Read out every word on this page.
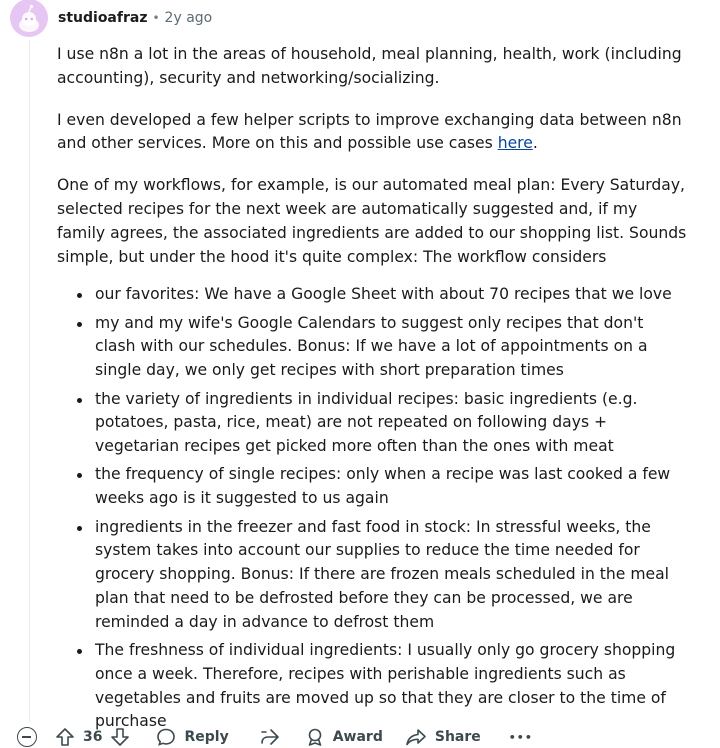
studioafraz • 2y ago

I use n8n a lot in the areas of household, meal planning, health, work (including accounting), security and networking/socializing.

I even developed a few helper scripts to improve exchanging data between n8n and other services. More on this and possible use cases here.

One of my workflows, for example, is our automated meal plan: Every Saturday, selected recipes for the next week are automatically suggested and, if my family agrees, the associated ingredients are added to our shopping list. Sounds simple, but under the hood it's quite complex: The workflow considers

our favorites: We have a Google Sheet with about 70 recipes that we love
my and my wife's Google Calendars to suggest only recipes that don't clash with our schedules. Bonus: If we have a lot of appointments on a single day, we only get recipes with short preparation times
the variety of ingredients in individual recipes: basic ingredients (e.g. potatoes, pasta, rice, meat) are not repeated on following days + vegetarian recipes get picked more often than the ones with meat
the frequency of single recipes: only when a recipe was last cooked a few weeks ago is it suggested to us again
ingredients in the freezer and fast food in stock: In stressful weeks, the system takes into account our supplies to reduce the time needed for grocery shopping. Bonus: If there are frozen meals scheduled in the meal plan that need to be defrosted before they can be processed, we are reminded a day in advance to defrost them
The freshness of individual ingredients: I usually only go grocery shopping once a week. Therefore, recipes with perishable ingredients such as vegetables and fruits are moved up so that they are closer to the time of purchase
36	Reply	Award	Share	•••
